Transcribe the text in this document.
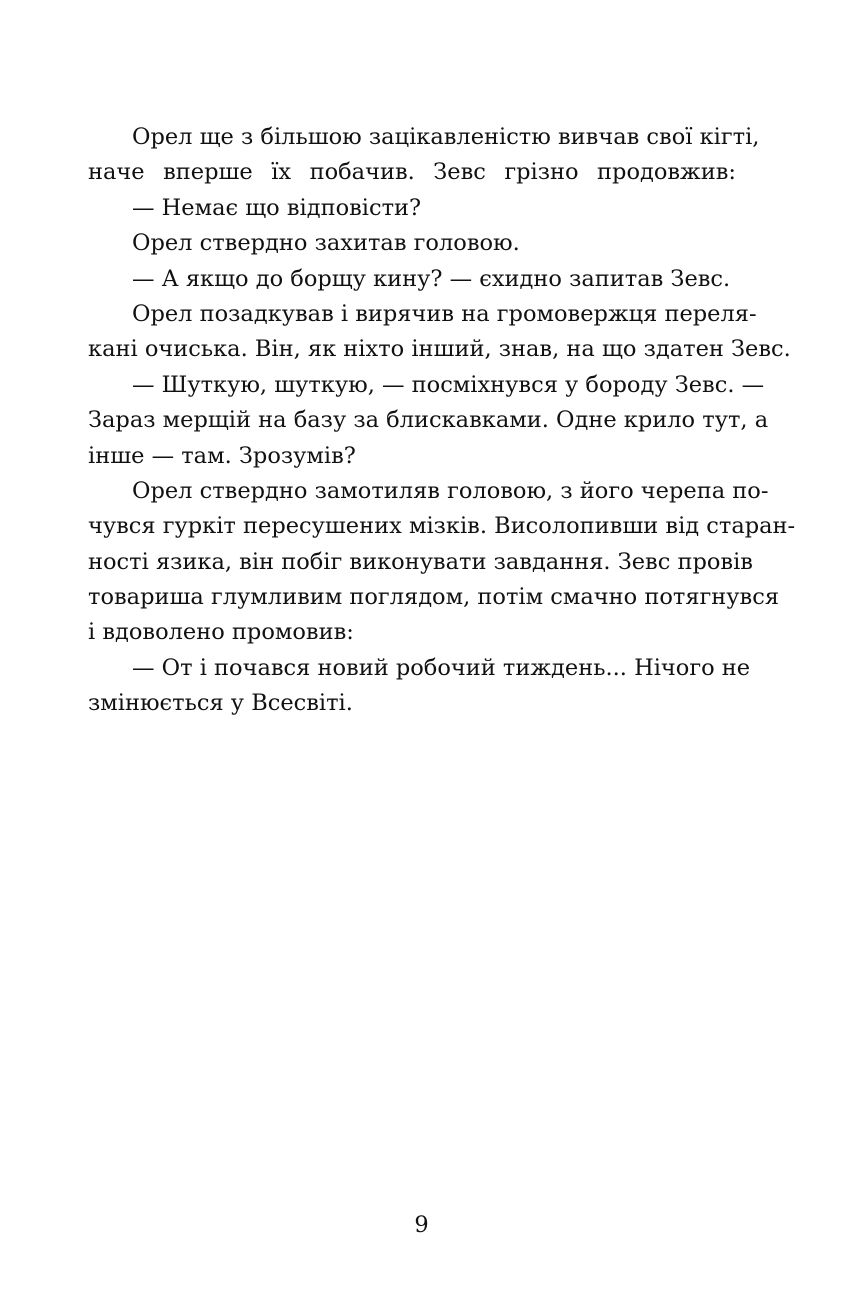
Орел ще з більшою зацікавленістю вивчав свої кігті,
наче вперше їх побачив. Зевс грізно продовжив:
— Немає що відповісти?
Орел ствердно захитав головою.
— А якщо до борщу кину? — єхидно запитав Зевс.
Орел позадкував і вирячив на громовержця переля-
кані очиська. Він, як ніхто інший, знав, на що здатен Зевс.
— Шуткую, шуткую, — посміхнувся у бороду Зевс. —
Зараз мерщій на базу за блискавками. Одне крило тут, а
інше — там. Зрозумів?
Орел ствердно замотиляв головою, з його черепа по-
чувся гуркіт пересушених мізків. Висолопивши від старан-
ності язика, він побіг виконувати завдання. Зевс провів
товариша глумливим поглядом, потім смачно потягнувся
і вдоволено промовив:
— От і почався новий робочий тиждень... Нічого не
змінюється у Всесвіті.
9
